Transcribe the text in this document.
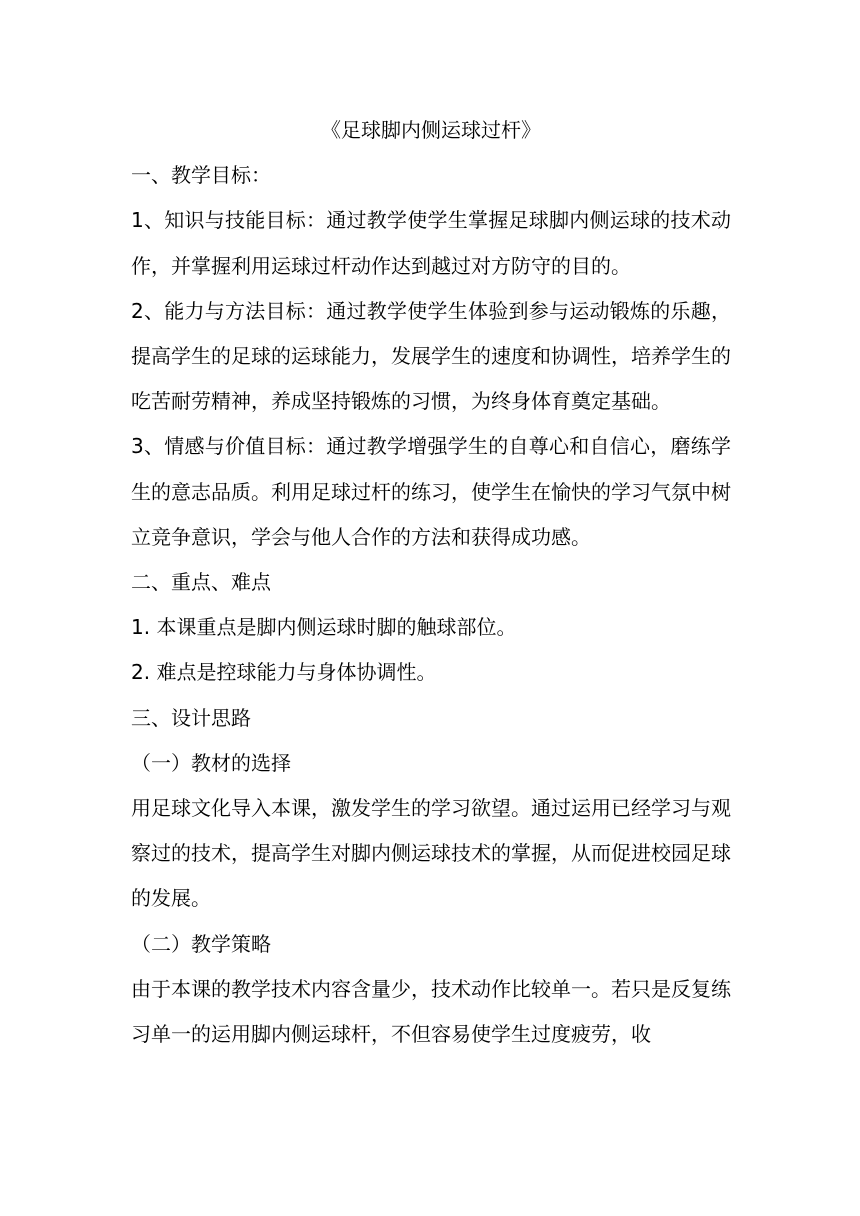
《足球脚内侧运球过杆》

一、教学目标：

1、知识与技能目标：通过教学使学生掌握足球脚内侧运球的技术动作，并掌握利用运球过杆动作达到越过对方防守的目的。

2、能力与方法目标：通过教学使学生体验到参与运动锻炼的乐趣，提高学生的足球的运球能力，发展学生的速度和协调性，培养学生的吃苦耐劳精神，养成坚持锻炼的习惯，为终身体育奠定基础。

3、情感与价值目标：通过教学增强学生的自尊心和自信心，磨练学生的意志品质。利用足球过杆的练习，使学生在愉快的学习气氛中树立竞争意识，学会与他人合作的方法和获得成功感。

二、重点、难点

1. 本课重点是脚内侧运球时脚的触球部位。

2. 难点是控球能力与身体协调性。

三、设计思路

（一）教材的选择

用足球文化导入本课，激发学生的学习欲望。通过运用已经学习与观察过的技术，提高学生对脚内侧运球技术的掌握，从而促进校园足球的发展。

（二）教学策略

由于本课的教学技术内容含量少，技术动作比较单一。若只是反复练习单一的运用脚内侧运球杆，不但容易使学生过度疲劳，收
